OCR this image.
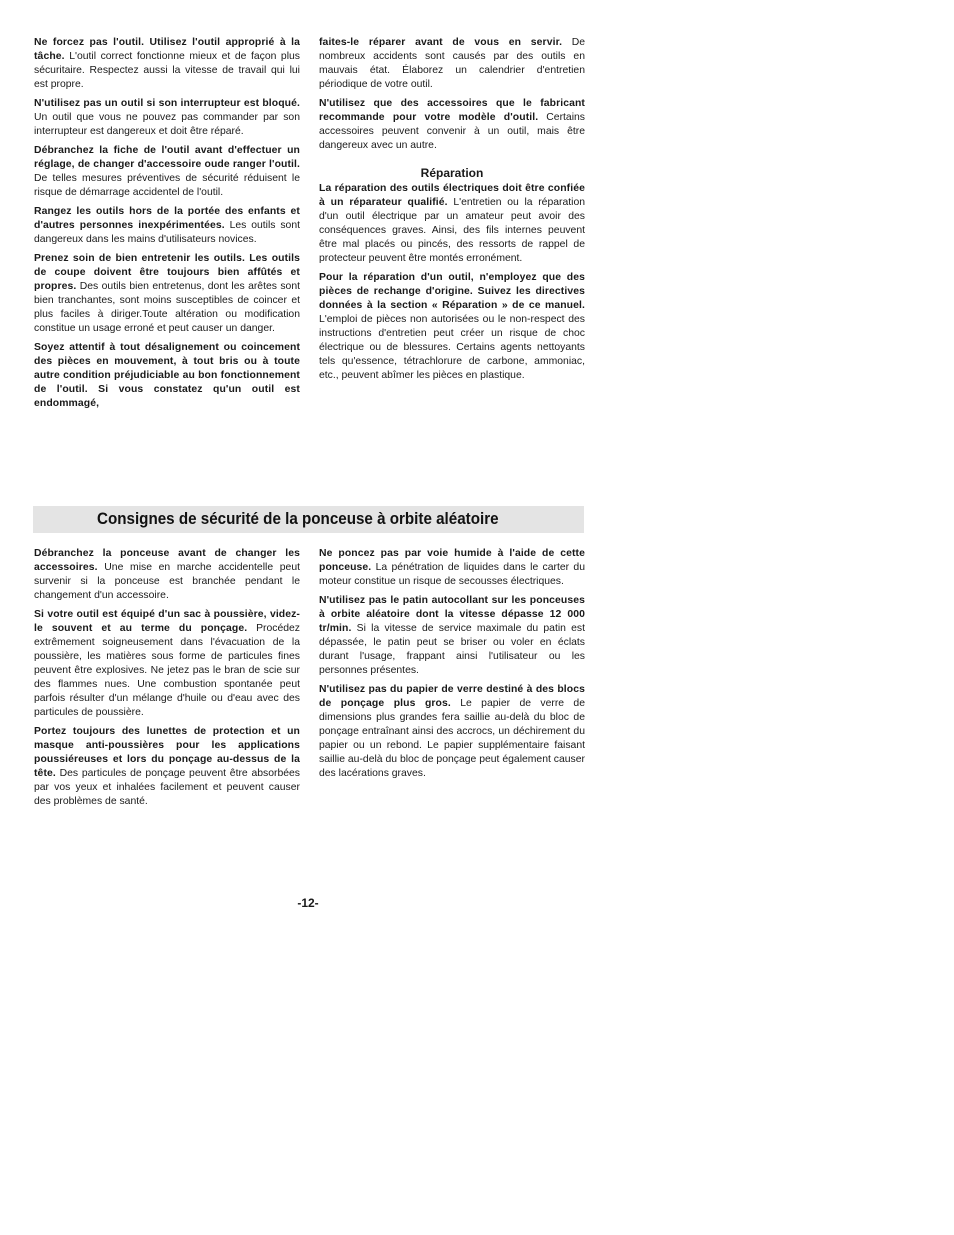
Ne forcez pas l'outil. Utilisez l'outil approprié à la tâche. L'outil correct fonctionne mieux et de façon plus sécuritaire. Respectez aussi la vitesse de travail qui lui est propre.

N'utilisez pas un outil si son interrupteur est bloqué. Un outil que vous ne pouvez pas commander par son interrupteur est dangereux et doit être réparé.

Débranchez la fiche de l'outil avant d'effectuer un réglage, de changer d'accessoire oude ranger l'outil. De telles mesures préventives de sécurité réduisent le risque de démarrage accidentel de l'outil.

Rangez les outils hors de la portée des enfants et d'autres personnes inexpérimentées. Les outils sont dangereux dans les mains d'utilisateurs novices.

Prenez soin de bien entretenir les outils. Les outils de coupe doivent être toujours bien affûtés et propres. Des outils bien entretenus, dont les arêtes sont bien tranchantes, sont moins susceptibles de coincer et plus faciles à diriger.Toute altération ou modification constitue un usage erroné et peut causer un danger.

Soyez attentif à tout désalignement ou coincement des pièces en mouvement, à tout bris ou à toute autre condition préjudiciable au bon fonctionnement de l'outil. Si vous constatez qu'un outil est endommagé,

faites-le réparer avant de vous en servir. De nombreux accidents sont causés par des outils en mauvais état. Élaborez un calendrier d'entretien périodique de votre outil.

N'utilisez que des accessoires que le fabricant recommande pour votre modèle d'outil. Certains accessoires peuvent convenir à un outil, mais être dangereux avec un autre.

Réparation

La réparation des outils électriques doit être confiée à un réparateur qualifié. L'entretien ou la réparation d'un outil électrique par un amateur peut avoir des conséquences graves. Ainsi, des fils internes peuvent être mal placés ou pincés, des ressorts de rappel de protecteur peuvent être montés erronément.

Pour la réparation d'un outil, n'employez que des pièces de rechange d'origine. Suivez les directives données à la section « Réparation » de ce manuel. L'emploi de pièces non autorisées ou le non-respect des instructions d'entretien peut créer un risque de choc électrique ou de blessures. Certains agents nettoyants tels qu'essence, tétrachlorure de carbone, ammoniac, etc., peuvent abîmer les pièces en plastique.

Consignes de sécurité de la ponceuse à orbite aléatoire

Débranchez la ponceuse avant de changer les accessoires. Une mise en marche accidentelle peut survenir si la ponceuse est branchée pendant le changement d'un accessoire.

Si votre outil est équipé d'un sac à poussière, videz-le souvent et au terme du ponçage. Procédez extrêmement soigneusement dans l'évacuation de la poussière, les matières sous forme de particules fines peuvent être explosives. Ne jetez pas le bran de scie sur des flammes nues. Une combustion spontanée peut parfois résulter d'un mélange d'huile ou d'eau avec des particules de poussière.

Portez toujours des lunettes de protection et un masque anti-poussières pour les applications poussiéreuses et lors du ponçage au-dessus de la tête. Des particules de ponçage peuvent être absorbées par vos yeux et inhalées facilement et peuvent causer des problèmes de santé.

Ne poncez pas par voie humide à l'aide de cette ponceuse. La pénétration de liquides dans le carter du moteur constitue un risque de secousses électriques.

N'utilisez pas le patin autocollant sur les ponceuses à orbite aléatoire dont la vitesse dépasse 12 000 tr/min. Si la vitesse de service maximale du patin est dépassée, le patin peut se briser ou voler en éclats durant l'usage, frappant ainsi l'utilisateur ou les personnes présentes.

N'utilisez pas du papier de verre destiné à des blocs de ponçage plus gros. Le papier de verre de dimensions plus grandes fera saillie au-delà du bloc de ponçage entraînant ainsi des accrocs, un déchirement du papier ou un rebond. Le papier supplémentaire faisant saillie au-delà du bloc de ponçage peut également causer des lacérations graves.

-12-
